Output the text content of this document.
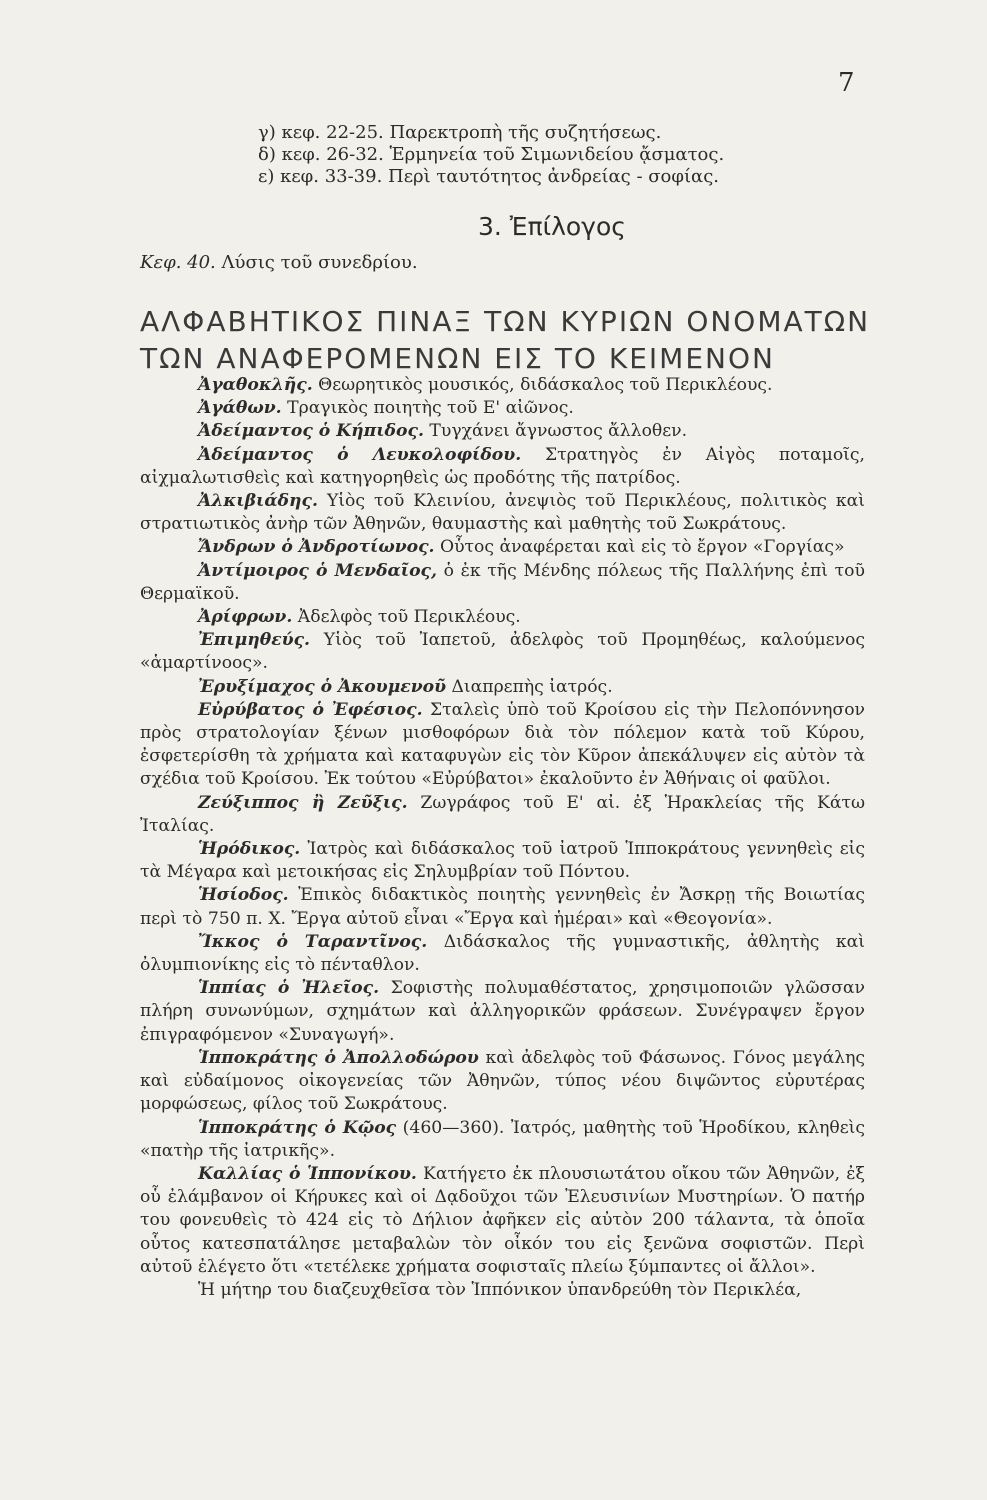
7
γ) κεφ. 22-25. Παρεκτροπὴ τῆς συζητήσεως.
δ) κεφ. 26-32. Ἑρμηνεία τοῦ Σιμωνιδείου ᾄσματος.
ε) κεφ. 33-39. Περὶ ταυτότητος ἀνδρείας - σοφίας.
3. Ἐπίλογος
Κεφ. 40. Λύσις τοῦ συνεδρίου.
ΑΛΦΑΒΗΤΙΚΟΣ ΠΙΝΑΞ ΤΩΝ ΚΥΡΙΩΝ ΟΝΟΜΑΤΩΝ
ΤΩΝ ΑΝΑΦΕΡΟΜΕΝΩΝ ΕΙΣ ΤΟ ΚΕΙΜΕΝΟΝ

Ἀγαθοκλῆς. Θεωρητικὸς μουσικός, διδάσκαλος τοῦ Περικλέους.

Ἀγάθων. Τραγικὸς ποιητὴς τοῦ Ε' αἰῶνος.

Ἀδείμαντος ὁ Κήπιδος. Τυγχάνει ἄγνωστος ἄλλοθεν.

Ἀδείμαντος ὁ Λευκολοφίδου. Στρατηγὸς ἐν Αἰγὸς ποταμοῖς, αἰχμαλωτισθεὶς καὶ κατηγορηθεὶς ὡς προδότης τῆς πατρίδος.

Ἀλκιβιάδης. Υἱὸς τοῦ Κλεινίου, ἀνεψιὸς τοῦ Περικλέους, πολιτικὸς καὶ στρατιωτικὸς ἀνὴρ τῶν Ἀθηνῶν, θαυμαστὴς καὶ μαθητὴς τοῦ Σωκράτους.

Ἄνδρων ὁ Ἀνδροτίωνος. Οὗτος ἀναφέρεται καὶ εἰς τὸ ἔργον «Γοργίας»

Ἀντίμοιρος ὁ Μενδαῖος, ὁ ἐκ τῆς Μένδης πόλεως τῆς Παλλήνης ἐπὶ τοῦ Θερμαϊκοῦ.

Ἀρίφρων. Ἀδελφὸς τοῦ Περικλέους.

Ἐπιμηθεύς. Υἱὸς τοῦ Ἰαπετοῦ, ἀδελφὸς τοῦ Προμηθέως, καλούμενος «ἁμαρτίνοος».

Ἐρυξίμαχος ὁ Ἀκουμενοῦ Διαπρεπὴς ἰατρός.

Εὐρύβατος ὁ Ἐφέσιος. Σταλεὶς ὑπὸ τοῦ Κροίσου εἰς τὴν Πελοπόννησον πρὸς στρατολογίαν ξένων μισθοφόρων διὰ τὸν πόλεμον κατὰ τοῦ Κύρου, ἐσφετερίσθη τὰ χρήματα καὶ καταφυγὼν εἰς τὸν Κῦρον ἀπεκάλυψεν εἰς αὐτὸν τὰ σχέδια τοῦ Κροίσου. Ἐκ τούτου «Εὐρύβατοι» ἐκαλοῦντο ἐν Ἀθήναις οἱ φαῦλοι.

Ζεύξιππος ἢ Ζεῦξις. Ζωγράφος τοῦ Ε' αἰ. ἐξ Ἡρακλείας τῆς Κάτω Ἰταλίας.

Ἡρόδικος. Ἰατρὸς καὶ διδάσκαλος τοῦ ἰατροῦ Ἱπποκράτους γεννηθεὶς εἰς τὰ Μέγαρα καὶ μετοικήσας εἰς Σηλυμβρίαν τοῦ Πόντου.

Ἡσίοδος. Ἐπικὸς διδακτικὸς ποιητὴς γεννηθεὶς ἐν Ἄσκρῃ τῆς Βοιωτίας περὶ τὸ 750 π. Χ. Ἔργα αὐτοῦ εἶναι «Ἔργα καὶ ἡμέραι» καὶ «Θεογονία».

Ἴκκος ὁ Ταραντῖνος. Διδάσκαλος τῆς γυμναστικῆς, ἀθλητὴς καὶ ὀλυμπιονίκης εἰς τὸ πένταθλον.

Ἱππίας ὁ Ἠλεῖος. Σοφιστὴς πολυμαθέστατος, χρησιμοποιῶν γλῶσσαν πλήρη συνωνύμων, σχημάτων καὶ ἀλληγορικῶν φράσεων. Συνέγραψεν ἔργον ἐπιγραφόμενον «Συναγωγή».

Ἱπποκράτης ὁ Ἀπολλοδώρου καὶ ἀδελφὸς τοῦ Φάσωνος. Γόνος μεγάλης καὶ εὐδαίμονος οἰκογενείας τῶν Ἀθηνῶν, τύπος νέου διψῶντος εὐρυτέρας μορφώσεως, φίλος τοῦ Σωκράτους.

Ἱπποκράτης ὁ Κῷος (460—360). Ἰατρός, μαθητὴς τοῦ Ἡροδίκου, κληθεὶς «πατὴρ τῆς ἰατρικῆς».

Καλλίας ὁ Ἱππονίκου. Κατήγετο ἐκ πλουσιωτάτου οἴκου τῶν Ἀθηνῶν, ἐξ οὗ ἐλάμβανον οἱ Κήρυκες καὶ οἱ Δᾳδοῦχοι τῶν Ἐλευσινίων Μυστηρίων. Ὁ πατήρ του φονευθεὶς τὸ 424 εἰς τὸ Δήλιον ἀφῆκεν εἰς αὐτὸν 200 τάλαντα, τὰ ὁποῖα οὗτος κατεσπατάλησε μεταβαλὼν τὸν οἶκόν του εἰς ξενῶνα σοφιστῶν. Περὶ αὐτοῦ ἐλέγετο ὅτι «τετέλεκε χρήματα σοφισταῖς πλείω ξύμπαντες οἱ ἄλλοι».

Ἡ μήτηρ του διαζευχθεῖσα τὸν Ἱππόνικον ὑπανδρεύθη τὸν Περικλέα,
